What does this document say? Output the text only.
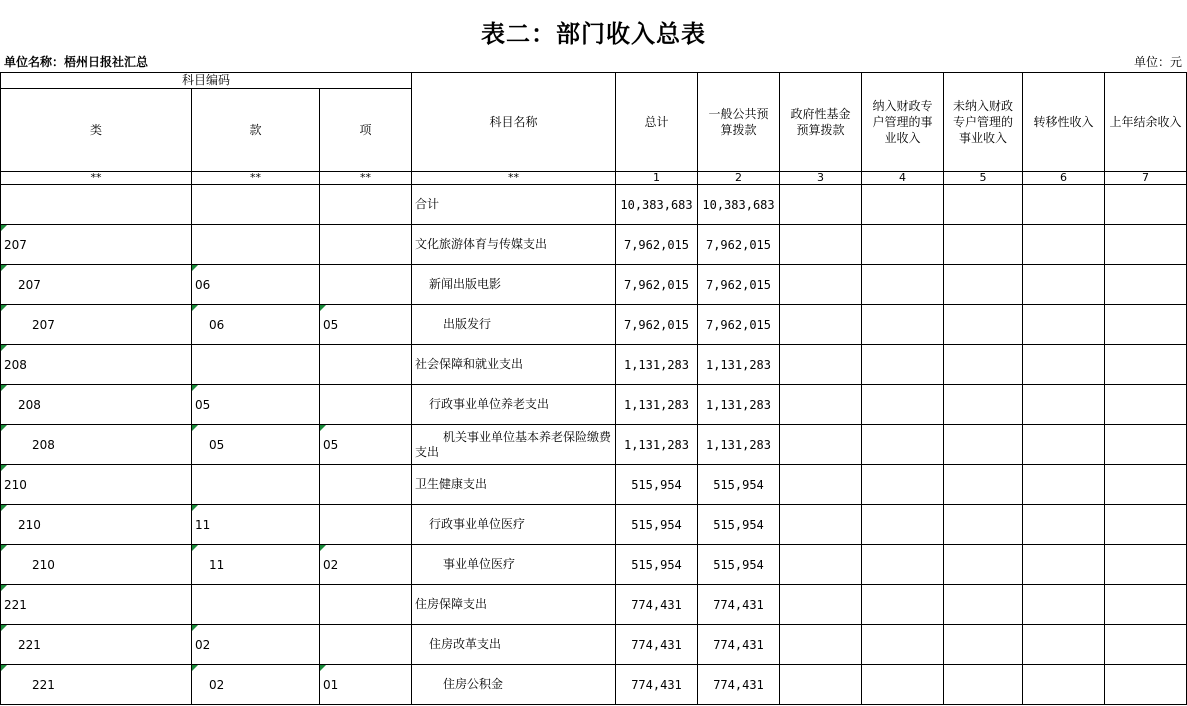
表二：部门收入总表
单位名称：梧州日报社汇总	单位：元
科目编码			科目名称	总计	一般公共预算拨款	政府性基金预算拨款	纳入财政专户管理的事业收入	未纳入财政专户管理的事业收入	转移性收入	上年结余收入
类	款	项								
**	**	**	**	1	2	3	4	5	6	7
			合计	10,383,683	10,383,683					
207			文化旅游体育与传媒支出	7,962,015	7,962,015					
207	06		新闻出版电影	7,962,015	7,962,015					
207	06	05	出版发行	7,962,015	7,962,015					
208			社会保障和就业支出	1,131,283	1,131,283					
208	05		行政事业单位养老支出	1,131,283	1,131,283					
208	05	05	机关事业单位基本养老保险缴费支出	1,131,283	1,131,283					
210			卫生健康支出	515,954	515,954					
210	11		行政事业单位医疗	515,954	515,954					
210	11	02	事业单位医疗	515,954	515,954					
221			住房保障支出	774,431	774,431					
221	02		住房改革支出	774,431	774,431					
221	02	01	住房公积金	774,431	774,431					
